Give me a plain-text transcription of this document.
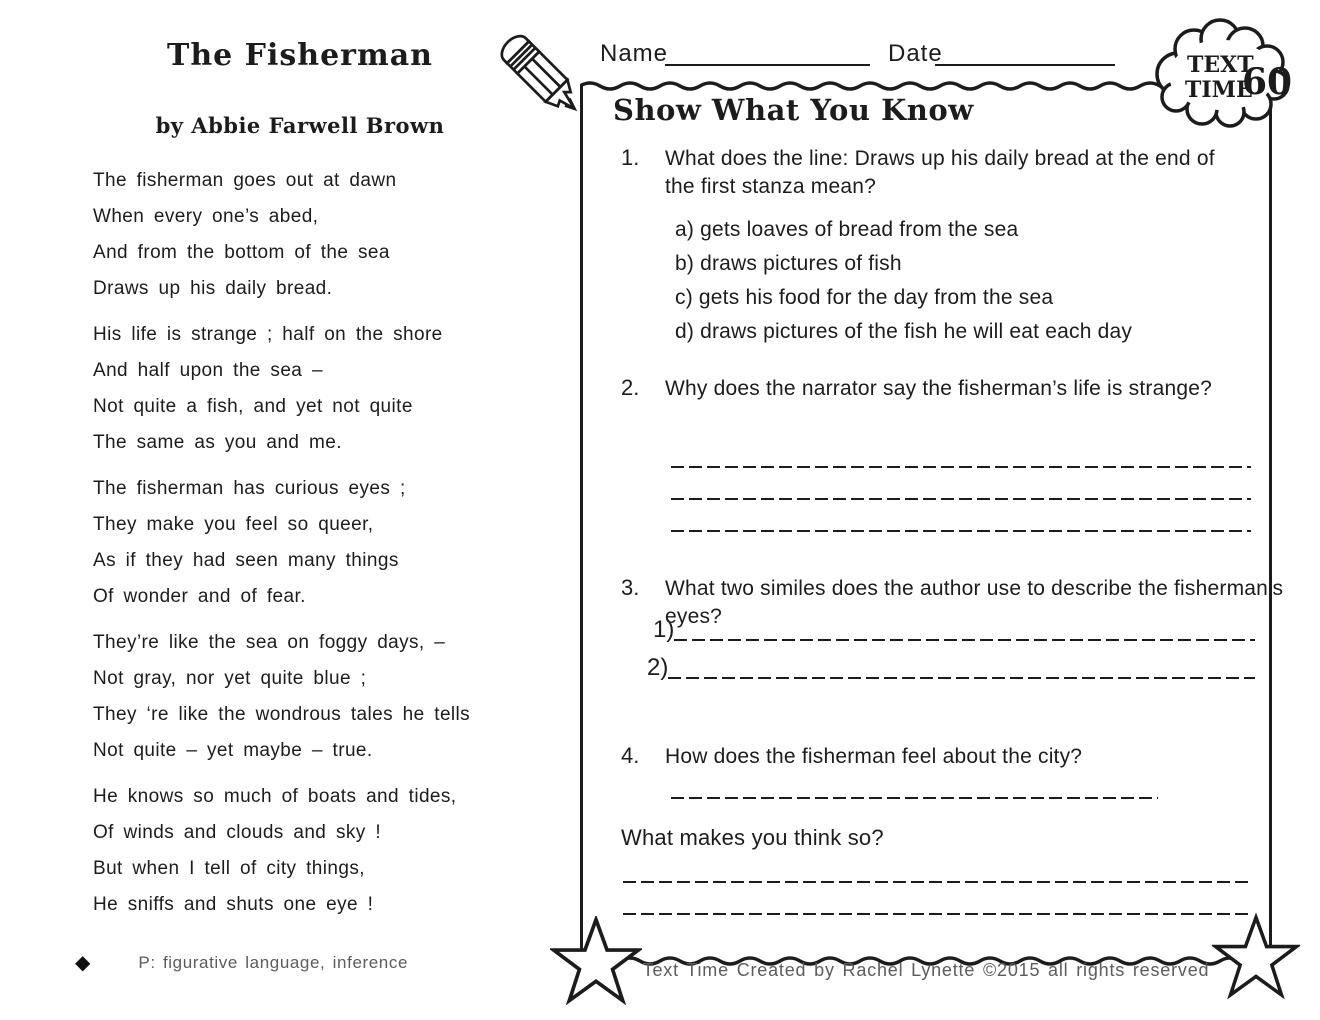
The Fisherman
by Abbie Farwell Brown
The fisherman goes out at dawn
When every one’s abed,
And from the bottom of the sea
Draws up his daily bread.
His life is strange ; half on the shore
And half upon the sea –
Not quite a fish, and yet not quite
The same as you and me.
The fisherman has curious eyes ;
They make you feel so queer,
As if they had seen many things
Of wonder and of fear.
They’re like the sea on foggy days, –
Not gray, nor yet quite blue ;
They ‘re like the wondrous tales he tells
Not quite – yet maybe – true.
He knows so much of boats and tides,
Of winds and clouds and sky !
But when I tell of city things,
He sniffs and shuts one eye !
◆	P: figurative language, inference
Name	Date	TEXT
TIME
60
Show What You Know
1. What does the line: Draws up his daily bread at the end of the first stanza mean?
a) gets loaves of bread from the sea
b) draws pictures of fish
c) gets his food for the day from the sea
d) draws pictures of the fish he will eat each day
2. Why does the narrator say the fisherman’s life is strange?
3. What two similes does the author use to describe the fisherman’s eyes?
1)
2)
4. How does the fisherman feel about the city?
What makes you think so?
Text Time Created by Rachel Lynette ©2015 all rights reserved
